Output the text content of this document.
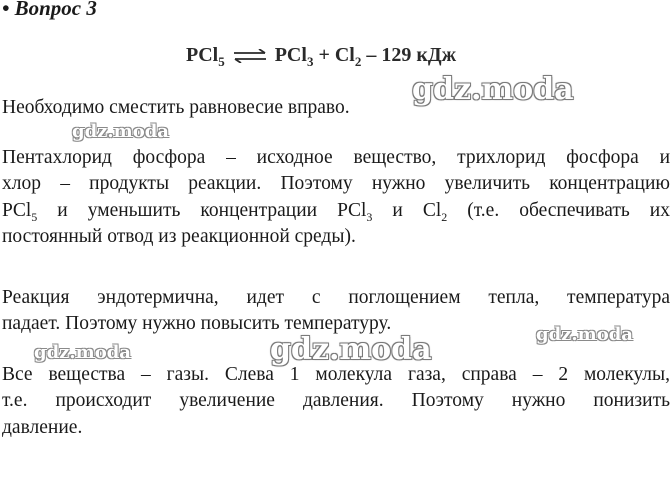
• Вопрос 3
PCl$_5$ ⇌ $PCl_3 + Cl_2 - 129$ кДж
Необходимо сместить равновесие вправо.
Пентахлорид фосфора – исходное вещество, трихлорид фосфора и
хлор – продукты реакции. Поэтому нужно увеличить концентрацию
PCl$_5$ и уменьшить концентрации PCl$_3$ и $Cl_2$ (т.е. обеспечивать их
постоянный отвод из реакционной среды).
Реакция эндотермична, идет с поглощением тепла, температура
падает. Поэтому нужно повысить температуру.
Все вещества – газы. Слева 1 молекула газа, справа – 2 молекулы,
т.е. происходит увеличение давления. Поэтому нужно понизить
давление.
gdz.moda
gdz.moda
gdz.moda
gdz.moda
gdz.moda
